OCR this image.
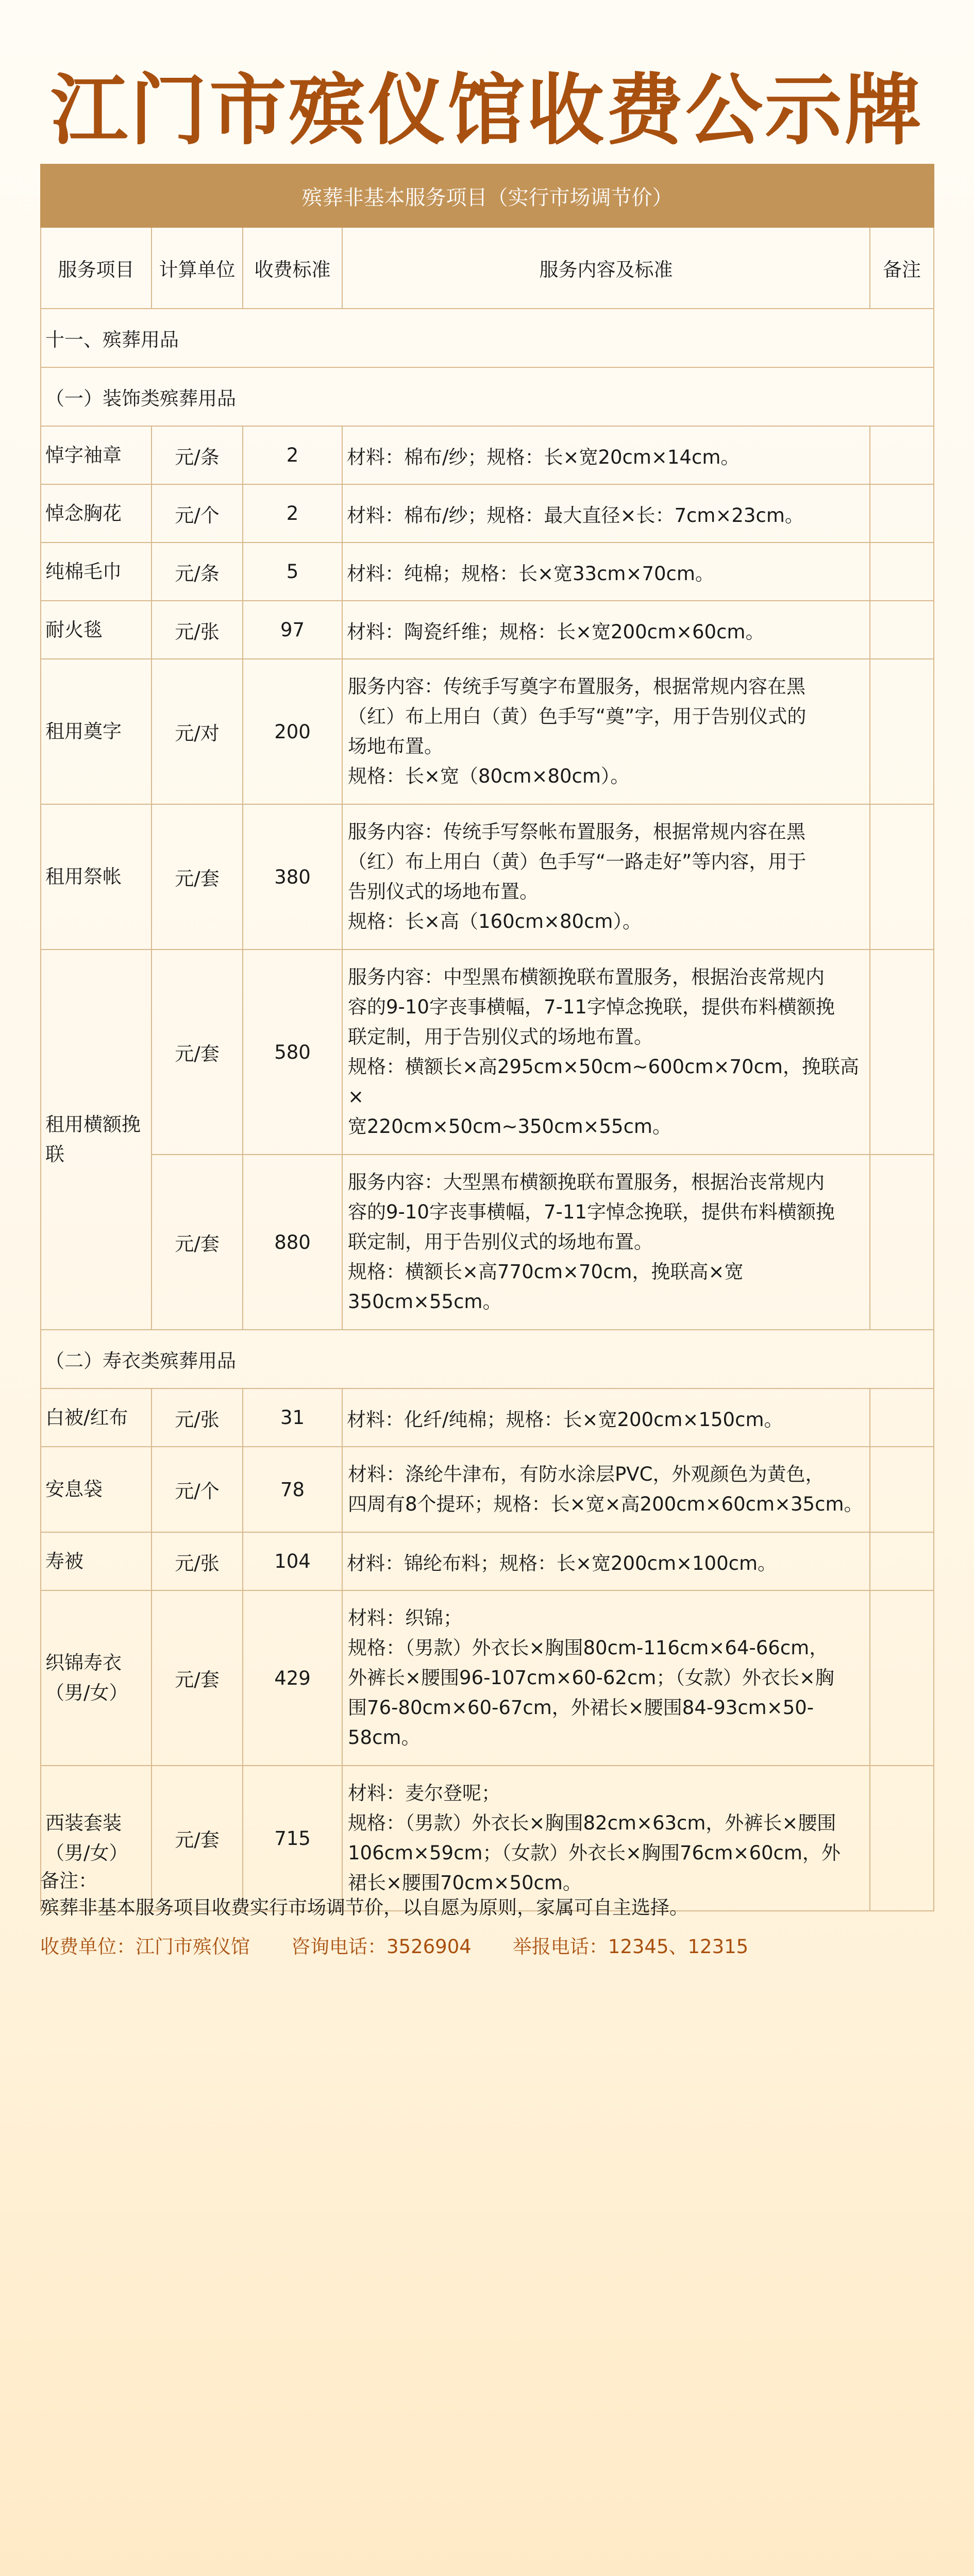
江门市殡仪馆收费公示牌
殡葬非基本服务项目（实行市场调节价）				
服务项目	计算单位	收费标准	服务内容及标准	备注
十一、殡葬用品				
（一）装饰类殡葬用品				
悼字袖章	元/条	2	材料：棉布/纱；规格：长×宽20cm×14cm。	

悼念胸花	元/个	2	材料：棉布/纱；规格：最大直径×长：7cm×23cm。	

纯棉毛巾	元/条	5	材料：纯棉；规格：长×宽33cm×70cm。	

耐火毯	元/张	97	材料：陶瓷纤维；规格：长×宽200cm×60cm。	

租用奠字	元/对	200	服务内容：传统手写奠字布置服务，根据常规内容在黑
（红）布上用白（黄）色手写“奠”字，用于告别仪式的
场地布置。
规格：长×宽（80cm×80cm）。	

租用祭帐	元/套	380	服务内容：传统手写祭帐布置服务，根据常规内容在黑
（红）布上用白（黄）色手写“一路走好”等内容，用于
告别仪式的场地布置。
规格：长×高（160cm×80cm）。	

租用横额挽联	元/套	580	服务内容：中型黑布横额挽联布置服务，根据治丧常规内
容的9-10字丧事横幅，7-11字悼念挽联，提供布料横额挽
联定制，用于告别仪式的场地布置。
规格：横额长×高295cm×50cm~600cm×70cm，挽联高×
宽220cm×50cm~350cm×55cm。	

	元/套	880	服务内容：大型黑布横额挽联布置服务，根据治丧常规内
容的9-10字丧事横幅，7-11字悼念挽联，提供布料横额挽
联定制，用于告别仪式的场地布置。
规格：横额长×高770cm×70cm，挽联高×宽
350cm×55cm。	

（二）寿衣类殡葬用品				
白被/红布	元/张	31	材料：化纤/纯棉；规格：长×宽200cm×150cm。	

安息袋	元/个	78	材料：涤纶牛津布，有防水涂层PVC，外观颜色为黄色，
四周有8个提环；规格：长×宽×高200cm×60cm×35cm。	

寿被	元/张	104	材料：锦纶布料；规格：长×宽200cm×100cm。	

织锦寿衣（男/女）	元/套	429	材料：织锦；
规格：（男款）外衣长×胸围80cm-116cm×64-66cm，
外裤长×腰围96-107cm×60-62cm；（女款）外衣长×胸
围76-80cm×60-67cm，外裙长×腰围84-93cm×50-
58cm。	

西装套装（男/女）	元/套	715	材料：麦尔登呢；
规格：（男款）外衣长×胸围82cm×63cm，外裤长×腰围
106cm×59cm；（女款）外衣长×胸围76cm×60cm，外
裙长×腰围70cm×50cm。	

备注：
殡葬非基本服务项目收费实行市场调节价，以自愿为原则，家属可自主选择。
收费单位：江门市殡仪馆 咨询电话：3526904 举报电话：12345、12315
